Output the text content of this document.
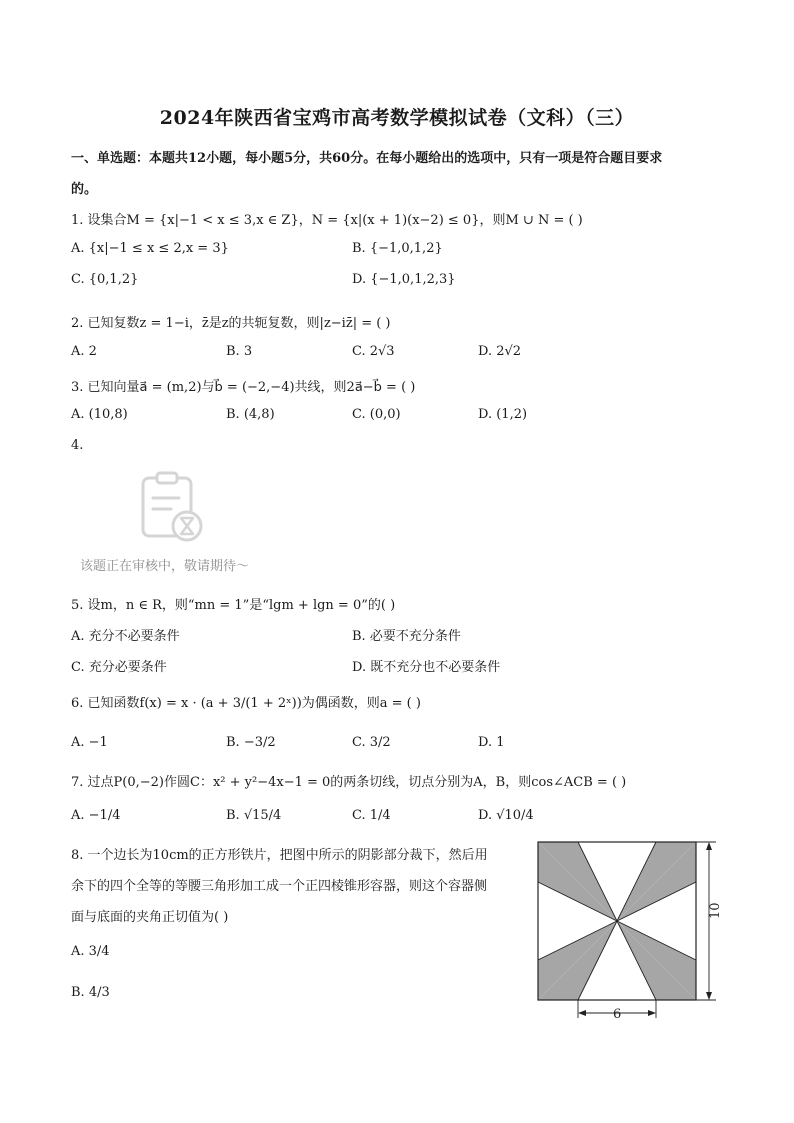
2024年陕西省宝鸡市高考数学模拟试卷（文科）（三）
一、单选题：本题共12小题，每小题5分，共60分。在每小题给出的选项中，只有一项是符合题目要求
的。
1. 设集合M = {x|−1 < x ≤ 3,x ∈ Z}，N = {x|(x + 1)(x−2) ≤ 0}，则M ∪ N = ( )
A. {x|−1 ≤ x ≤ 2,x = 3}	B. {−1,0,1,2}
C. {0,1,2}	D. {−1,0,1,2,3}
2. 已知复数z = 1−i，z̄是z的共轭复数，则|z−iz̄| = ( )
A. 2	B. 3	C. 2√3	D. 2√2
3. 已知向量a⃗ = (m,2)与b⃗ = (−2,−4)共线，则2a⃗−b⃗ = ( )
A. (10,8)	B. (4,8)	C. (0,0)	D. (1,2)
4.
该题正在审核中，敬请期待～
5. 设m，n ∈ R，则“mn = 1”是“lgm + lgn = 0”的( )
A. 充分不必要条件	B. 必要不充分条件
C. 充分必要条件	D. 既不充分也不必要条件
6. 已知函数f(x) = x · (a + 3/(1 + 2ˣ))为偶函数，则a = ( )
A. −1	B. −3/2	C. 3/2	D. 1
7. 过点P(0,−2)作圆C：x² + y²−4x−1 = 0的两条切线，切点分别为A，B，则cos∠ACB = ( )
A. −1/4	B. √15/4	C. 1/4	D. √10/4
8. 一个边长为10cm的正方形铁片，把图中所示的阴影部分裁下，然后用
余下的四个全等的等腰三角形加工成一个正四棱锥形容器，则这个容器侧
面与底面的夹角正切值为( )
A. 3/4
B. 4/3
10
6
